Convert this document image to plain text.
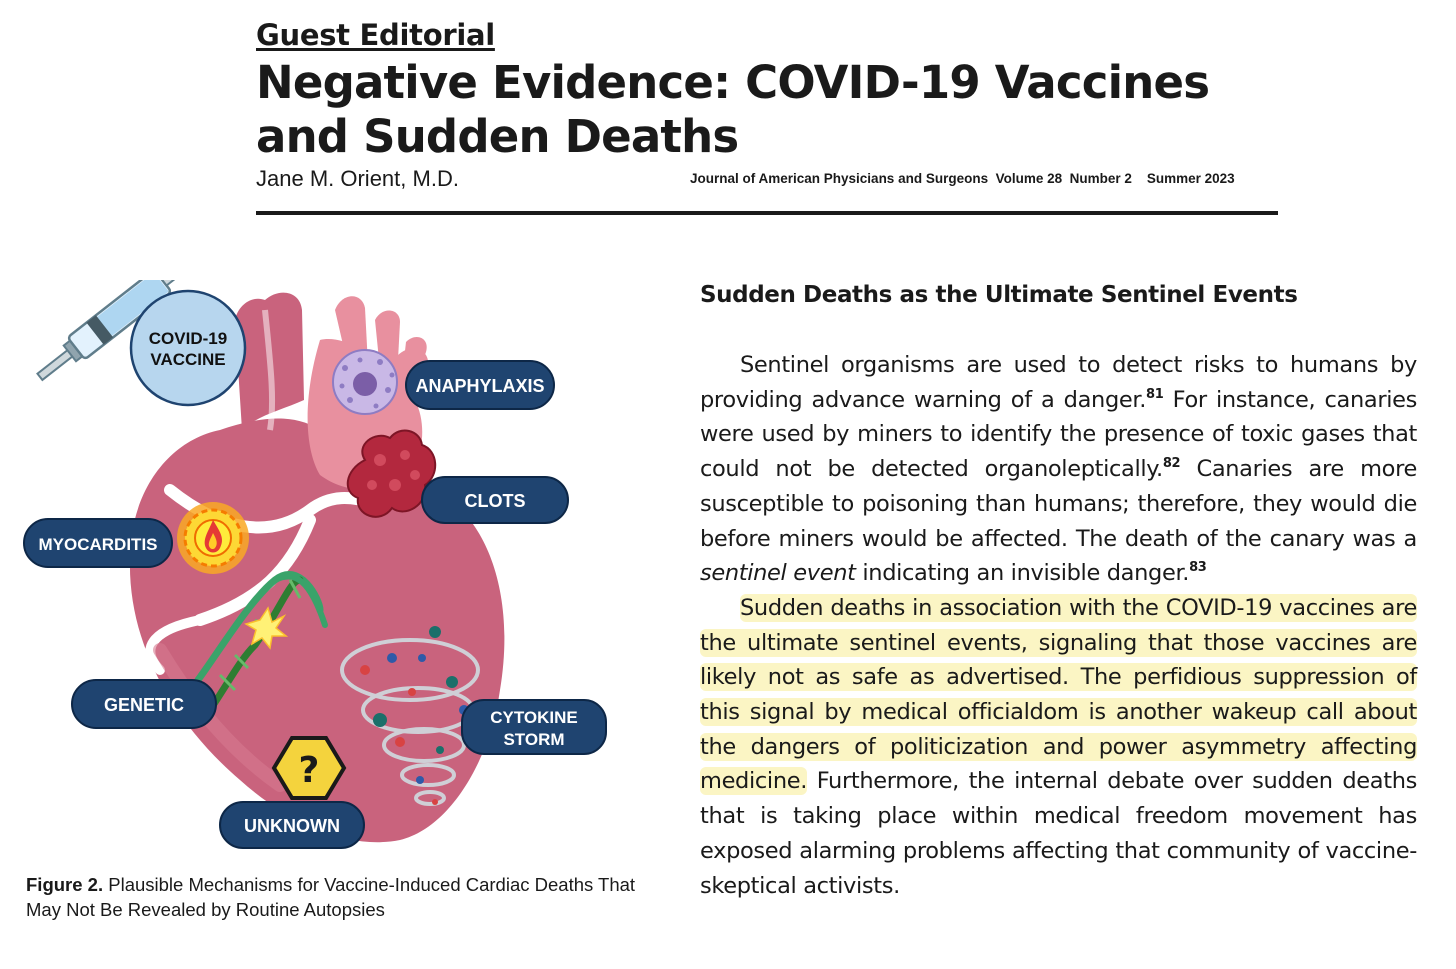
Guest Editorial
Negative Evidence: COVID-19 Vaccines and Sudden Deaths
Jane M. Orient, M.D.	Journal of American Physicians and Surgeons  Volume 28  Number 2    Summer 2023
COVID-19
VACCINE
?
ANAPHYLAXIS
CLOTS
MYOCARDITIS
GENETIC
CYTOKINE
STORM
UNKNOWN
Figure 2. Plausible Mechanisms for Vaccine-Induced Cardiac Deaths That May Not Be Revealed by Routine Autopsies
Sudden Deaths as the Ultimate Sentinel Events

Sentinel organisms are used to detect risks to humans by providing advance warning of a danger.$^{81}$ For instance, canaries were used by miners to identify the presence of toxic gases that could not be detected organoleptically.$^{82}$ Canaries are more susceptible to poisoning than humans; therefore, they would die before miners would be affected. The death of the canary was a sentinel event indicating an invisible danger.$^{83}$

Sudden deaths in association with the COVID-19 vaccines are the ultimate sentinel events, signaling that those vaccines are likely not as safe as advertised. The perfidious suppression of this signal by medical officialdom is another wakeup call about the dangers of politicization and power asymmetry affecting medicine. Furthermore, the internal debate over sudden deaths that is taking place within medical freedom movement has exposed alarming problems affecting that community of vaccine-skeptical activists.
